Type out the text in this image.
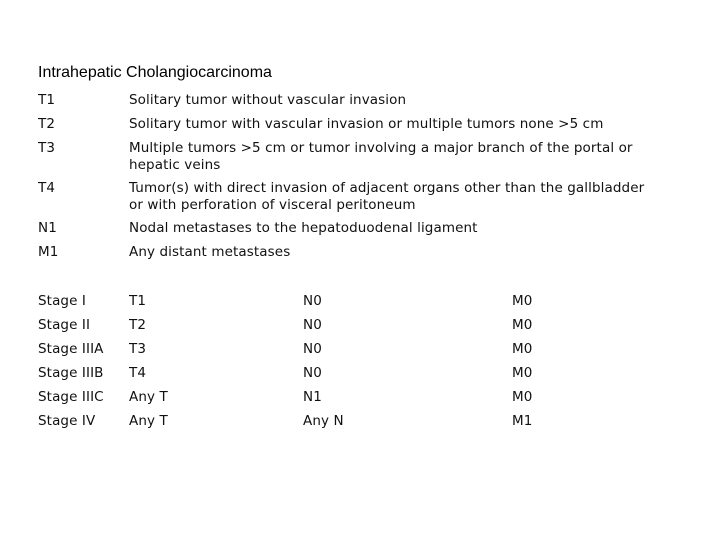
Intrahepatic Cholangiocarcinoma
T1	Solitary tumor without vascular invasion
T2	Solitary tumor with vascular invasion or multiple tumors none >5 cm
T3	Multiple tumors >5 cm or tumor involving a major branch of the portal or hepatic veins
T4	Tumor(s) with direct invasion of adjacent organs other than the gallbladder or with perforation of visceral peritoneum
N1	Nodal metastases to the hepatoduodenal ligament
M1	Any distant metastases
Stage I	T1	N0	M0
Stage II	T2	N0	M0
Stage IIIA	T3	N0	M0
Stage IIIB	T4	N0	M0
Stage IIIC	Any T	N1	M0
Stage IV	Any T	Any N	M1
